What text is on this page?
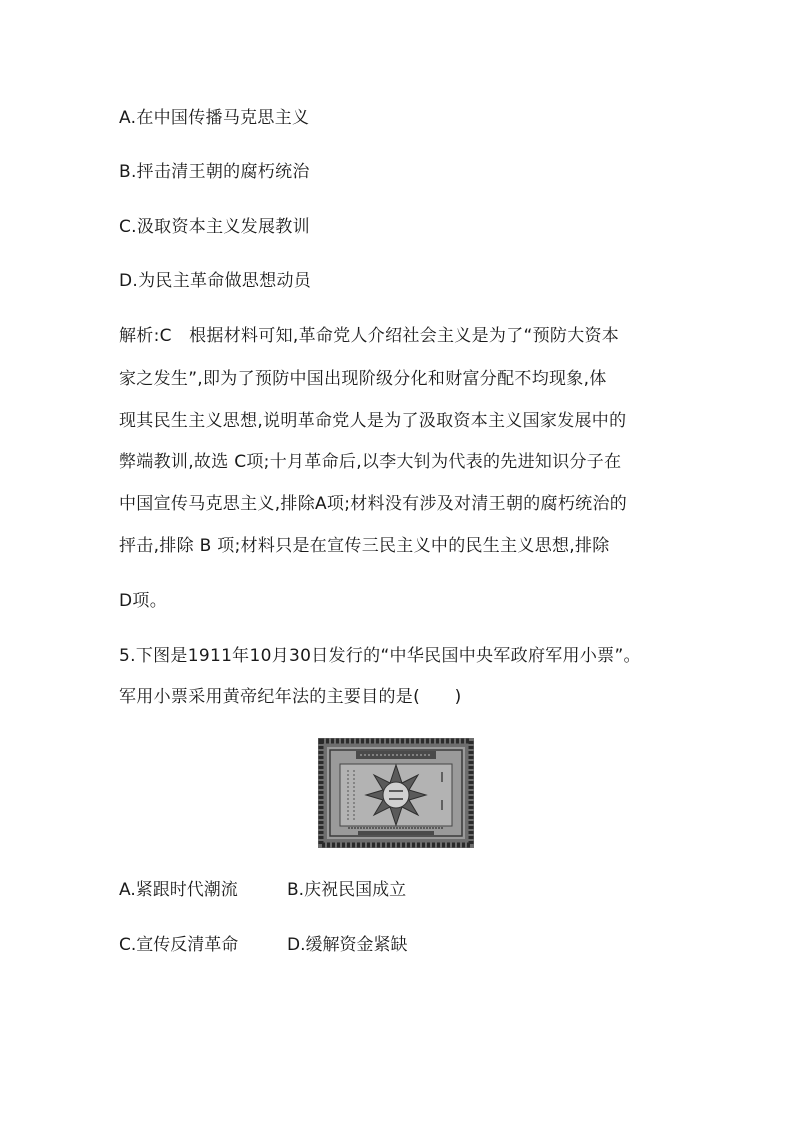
A.在中国传播马克思主义
B.抨击清王朝的腐朽统治
C.汲取资本主义发展教训
D.为民主革命做思想动员
解析:C　根据材料可知,革命党人介绍社会主义是为了“预防大资本
家之发生”,即为了预防中国出现阶级分化和财富分配不均现象,体
现其民生主义思想,说明革命党人是为了汲取资本主义国家发展中的
弊端教训,故选 C项;十月革命后,以李大钊为代表的先进知识分子在
中国宣传马克思主义,排除A项;材料没有涉及对清王朝的腐朽统治的
抨击,排除 B 项;材料只是在宣传三民主义中的民生主义思想,排除
D项。
5.下图是1911年10月30日发行的“中华民国中央军政府军用小票”。
军用小票采用黄帝纪年法的主要目的是(　　)
A.紧跟时代潮流	B.庆祝民国成立
C.宣传反清革命	D.缓解资金紧缺
